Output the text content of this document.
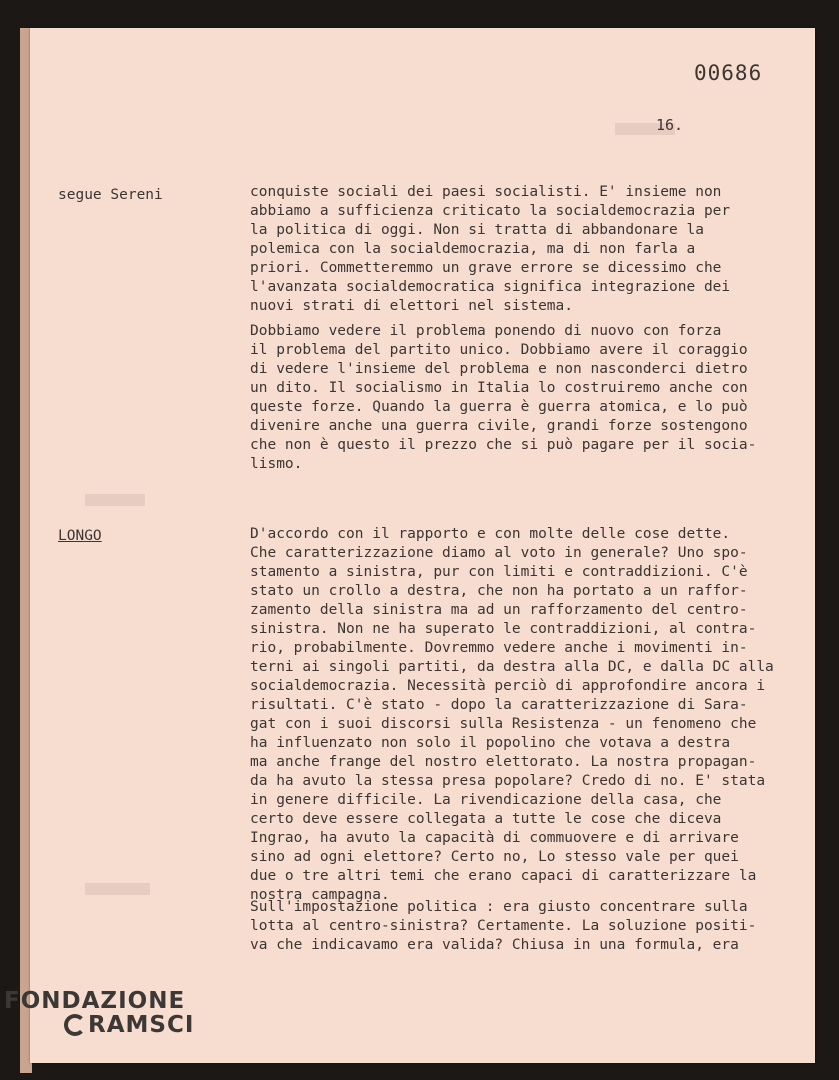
00686
16.
segue Sereni	conquiste sociali dei paesi socialisti. E' insieme non
abbiamo a sufficienza criticato la socialdemocrazia per
la politica di oggi. Non si tratta di abbandonare la
polemica con la socialdemocrazia, ma di non farla a
priori. Commetteremmo un grave errore se dicessimo che
l'avanzata socialdemocratica significa integrazione dei
nuovi strati di elettori nel sistema.

Dobbiamo vedere il problema ponendo di nuovo con forza
il problema del partito unico. Dobbiamo avere il coraggio
di vedere l'insieme del problema e non nasconderci dietro
un dito. Il socialismo in Italia lo costruiremo anche con
queste forze. Quando la guerra è guerra atomica, e lo può
divenire anche una guerra civile, grandi forze sostengono
che non è questo il prezzo che si può pagare per il socia-
lismo.

LONGO	D'accordo con il rapporto e con molte delle cose dette.
Che caratterizzazione diamo al voto in generale? Uno spo-
stamento a sinistra, pur con limiti e contraddizioni. C'è
stato un crollo a destra, che non ha portato a un raffor-
zamento della sinistra ma ad un rafforzamento del centro-
sinistra. Non ne ha superato le contraddizioni, al contra-
rio, probabilmente. Dovremmo vedere anche i movimenti in-
terni ai singoli partiti, da destra alla DC, e dalla DC alla
socialdemocrazia. Necessità perciò di approfondire ancora i
risultati. C'è stato - dopo la caratterizzazione di Sara-
gat con i suoi discorsi sulla Resistenza - un fenomeno che
ha influenzato non solo il popolino che votava a destra
ma anche frange del nostro elettorato. La nostra propagan-
da ha avuto la stessa presa popolare? Credo di no. E' stata
in genere difficile. La rivendicazione della casa, che
certo deve essere collegata a tutte le cose che diceva
Ingrao, ha avuto la capacità di commuovere e di arrivare
sino ad ogni elettore? Certo no, Lo stesso vale per quei
due o tre altri temi che erano capaci di caratterizzare la
nostra campagna.

Sull'impostazione politica : era giusto concentrare sulla
lotta al centro-sinistra? Certamente. La soluzione positi-
va che indicavamo era valida? Chiusa in una formula, era

FONDAZIONE
RAMSCI
